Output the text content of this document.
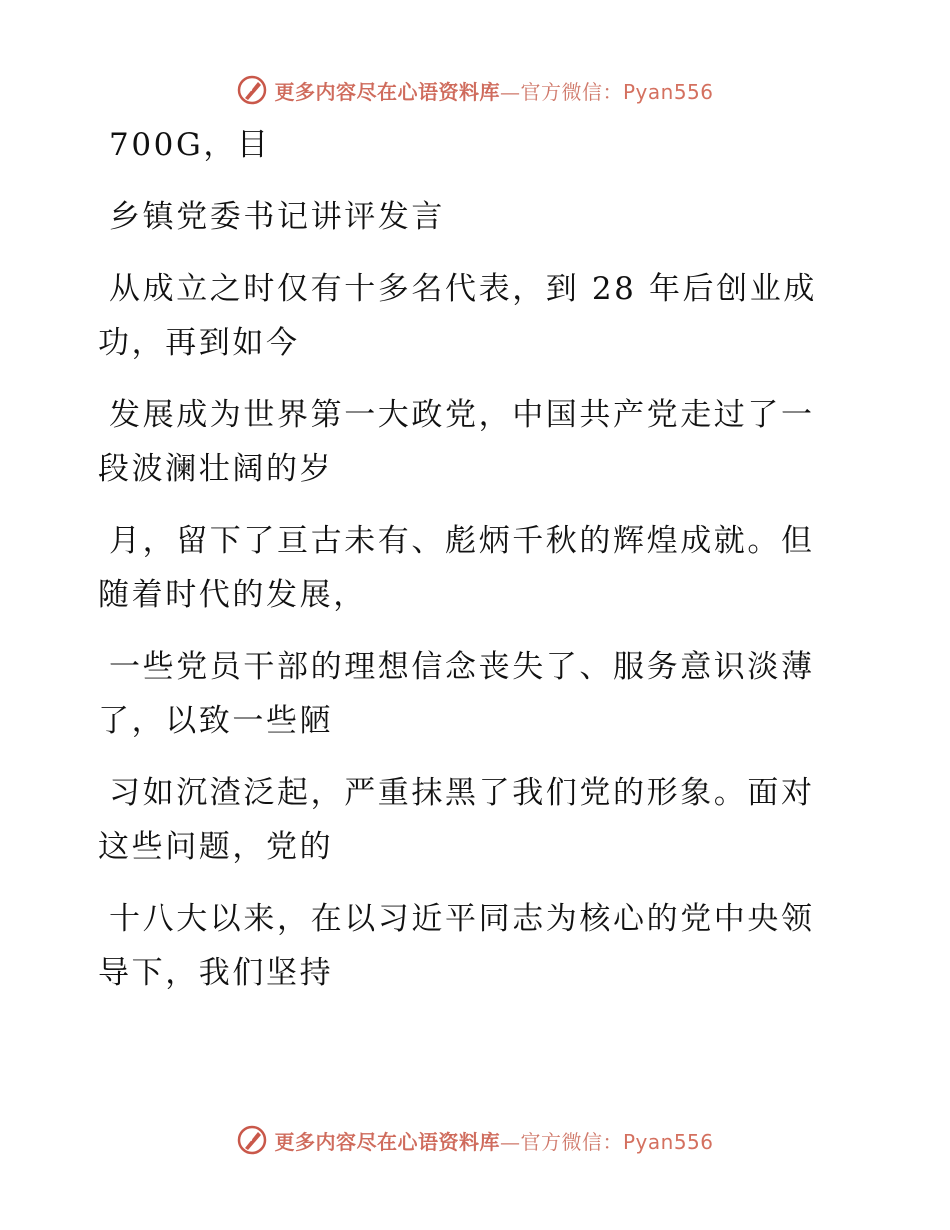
更多内容尽在心语资料库—官方微信：Pyan556
700G，目
乡镇党委书记讲评发言
从成立之时仅有十多名代表，到 28 年后创业成
功，再到如今
发展成为世界第一大政党，中国共产党走过了一
段波澜壮阔的岁
月，留下了亘古未有、彪炳千秋的辉煌成就。但
随着时代的发展，
一些党员干部的理想信念丧失了、服务意识淡薄
了，以致一些陋
习如沉渣泛起，严重抹黑了我们党的形象。面对
这些问题，党的
十八大以来，在以习近平同志为核心的党中央领
导下，我们坚持
更多内容尽在心语资料库—官方微信：Pyan556
